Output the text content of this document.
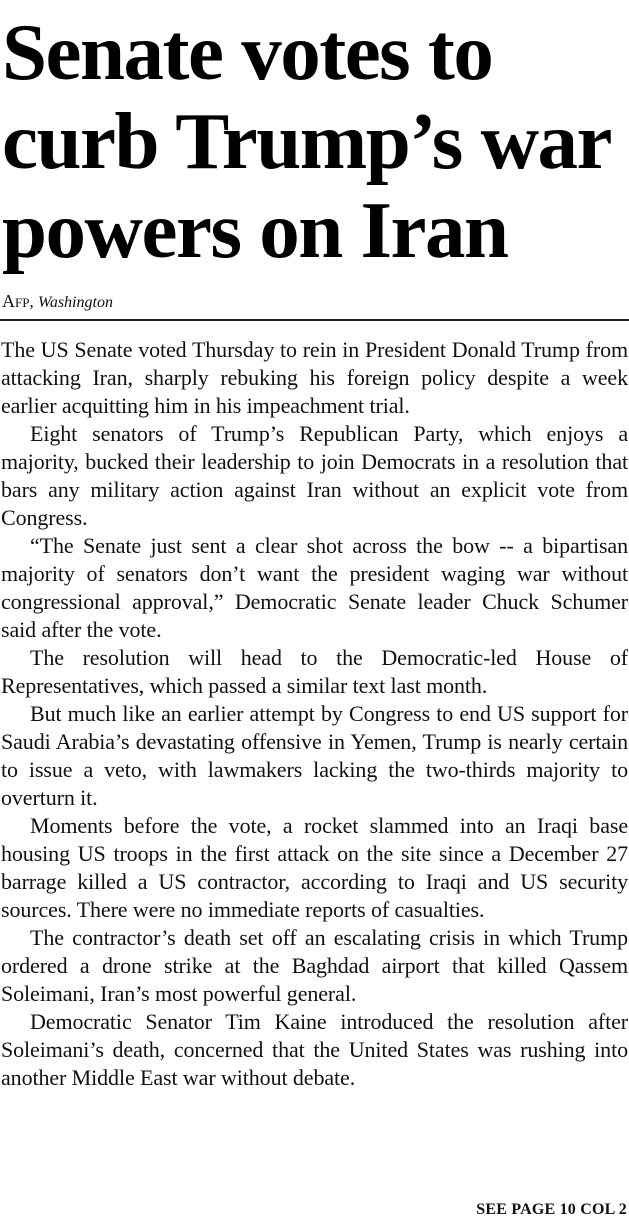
Senate votes to curb Trump’s war powers on Iran
Afp, Washington

The US Senate voted Thursday to rein in President Donald Trump from attacking Iran, sharply rebuking his foreign policy despite a week earlier acquitting him in his impeachment trial.

Eight senators of Trump’s Republican Party, which enjoys a majority, bucked their leadership to join Democrats in a resolution that bars any military action against Iran without an explicit vote from Congress.

“The Senate just sent a clear shot across the bow -- a bipartisan majority of senators don’t want the president waging war without congressional approval,” Democratic Senate leader Chuck Schumer said after the vote.

The resolution will head to the Democratic-led House of Representatives, which passed a similar text last month.

But much like an earlier attempt by Congress to end US support for Saudi Arabia’s devastating offensive in Yemen, Trump is nearly certain to issue a veto, with lawmakers lacking the two-thirds majority to overturn it.

Moments before the vote, a rocket slammed into an Iraqi base housing US troops in the first attack on the site since a December 27 barrage killed a US contractor, according to Iraqi and US security sources. There were no immediate reports of casualties.

The contractor’s death set off an escalating crisis in which Trump ordered a drone strike at the Baghdad airport that killed Qassem Soleimani, Iran’s most powerful general.

Democratic Senator Tim Kaine introduced the resolution after Soleimani’s death, concerned that the United States was rushing into another Middle East war without debate.

SEE PAGE 10 COL 2
